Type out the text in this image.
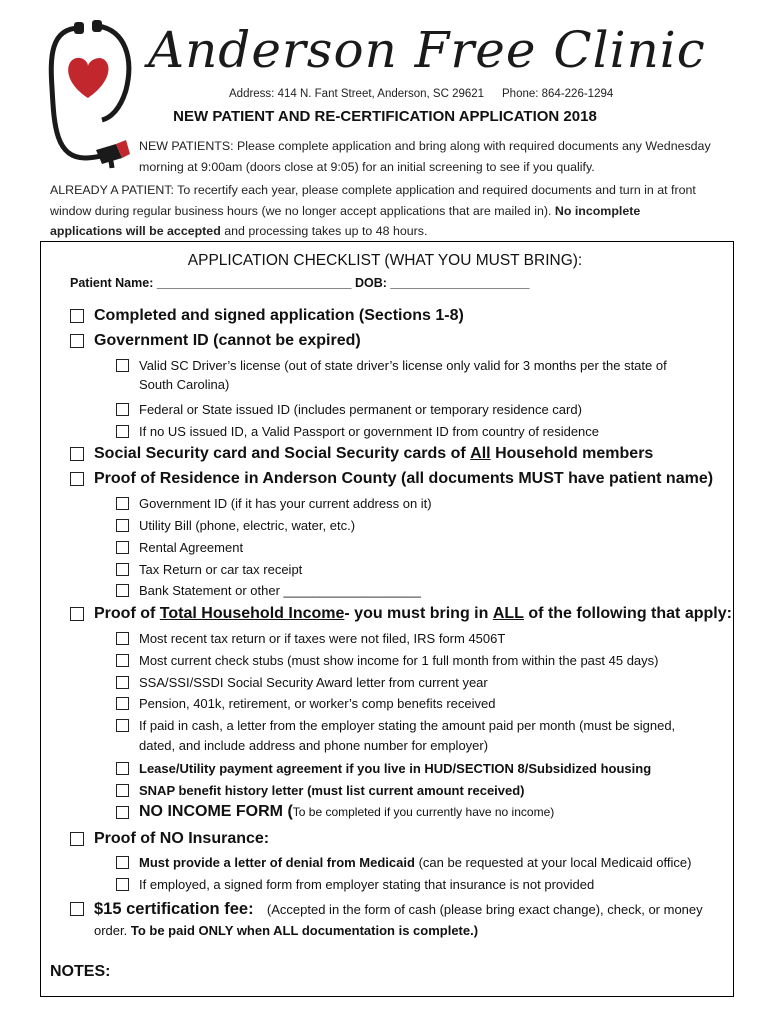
Anderson Free Clinic
Address: 414 N. Fant Street, Anderson, SC 29621 Phone: 864-226-1294
NEW PATIENT AND RE-CERTIFICATION APPLICATION 2018
NEW PATIENTS: Please complete application and bring along with required documents any Wednesday
morning at 9:00am (doors close at 9:05) for an initial screening to see if you qualify.
ALREADY A PATIENT: To recertify each year, please complete application and required documents and turn in at front
window during regular business hours (we no longer accept applications that are mailed in). No incomplete
applications will be accepted and processing takes up to 48 hours.
APPLICATION CHECKLIST (WHAT YOU MUST BRING):
Patient Name: ____________________________ DOB: ____________________
Completed and signed application (Sections 1-8)
Government ID (cannot be expired)
Valid SC Driver’s license (out of state driver’s license only valid for 3 months per the state of
South Carolina)
Federal or State issued ID (includes permanent or temporary residence card)
If no US issued ID, a Valid Passport or government ID from country of residence
Social Security card and Social Security cards of
All
Household members
Proof of Residence in Anderson County (all documents MUST have patient name)
Government ID (if it has your current address on it)
Utility Bill (phone, electric, water, etc.)
Rental Agreement
Tax Return or car tax receipt
Bank Statement or other ___________________
Proof of
Total Household Income - you must bring in
ALL
of the following that apply:
Most recent tax return or if taxes were not filed, IRS form 4506T
Most current check stubs (must show income for 1 full month from within the past 45 days)
SSA/SSI/SSDI Social Security Award letter from current year
Pension, 401k, retirement, or worker’s comp benefits received
If paid in cash, a letter from the employer stating the amount paid per month (must be signed,
dated, and include address and phone number for employer)
Lease/Utility payment agreement if you live in HUD/SECTION 8/Subsidized housing
SNAP benefit history letter (must list current amount received)
NO INCOME FORM ( To be completed if you currently have no income)
Proof of NO Insurance:
Must provide a letter of denial from Medicaid
(can be requested at your local Medicaid office)
If employed, a signed form from employer stating that insurance is not provided
$15 certification fee:
(Accepted in the form of cash (please bring exact change), check, or money
order. To be paid ONLY when ALL documentation is complete.)
NOTES:
